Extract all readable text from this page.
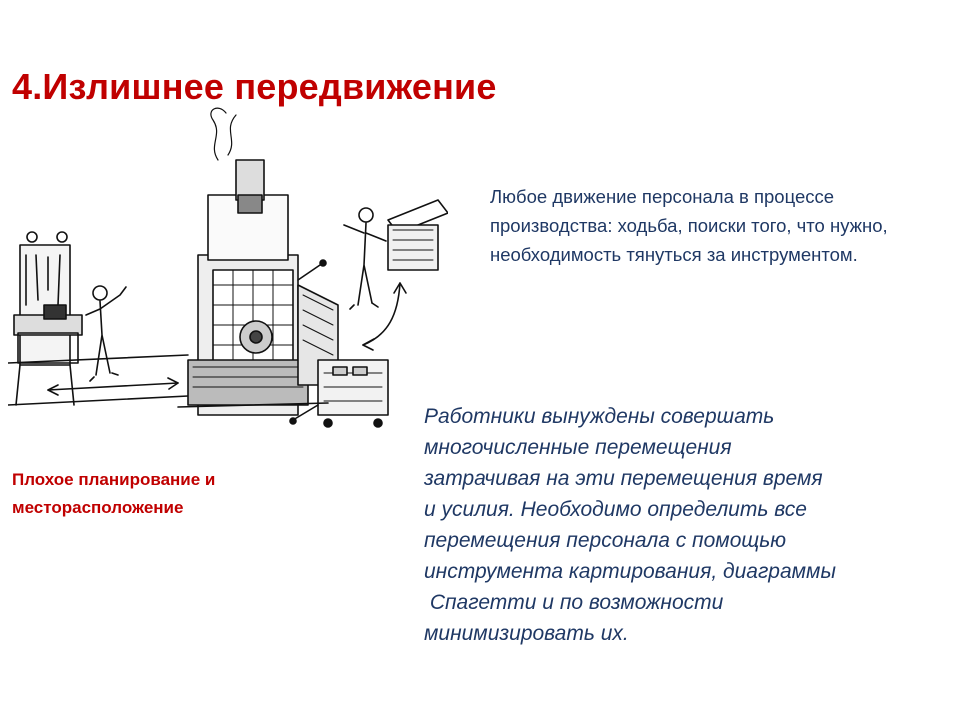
4.Излишнее передвижение
Любое движение персонала в процессе производства: ходьба, поиски того, что нужно, необходимость тянуться за инструментом.
Плохое планирование и месторасположение
Работники вынуждены совершать
многочисленные перемещения
затрачивая на эти перемещения время
и усилия. Необходимо определить все
перемещения персонала с помощью
инструмента картирования, диаграммы
Спагетти и по возможности
минимизировать их.
